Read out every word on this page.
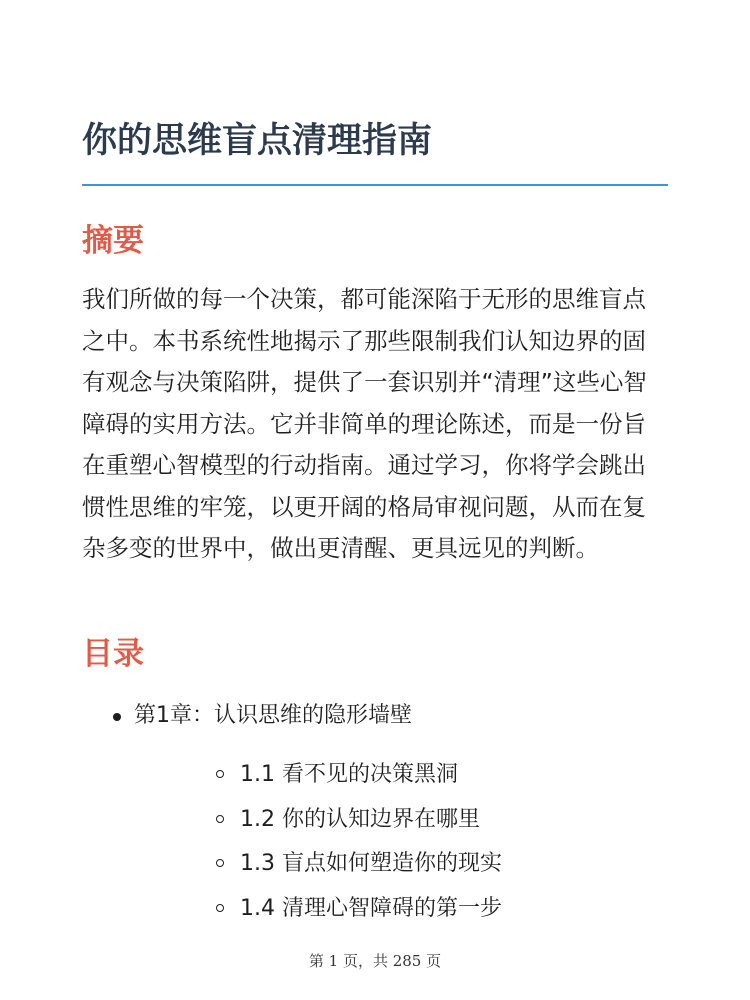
你的思维盲点清理指南
摘要

我们所做的每一个决策，都可能深陷于无形的思维盲点之中。本书系统性地揭示了那些限制我们认知边界的固有观念与决策陷阱，提供了一套识别并“清理”这些心智障碍的实用方法。它并非简单的理论陈述，而是一份旨在重塑心智模型的行动指南。通过学习，你将学会跳出惯性思维的牢笼，以更开阔的格局审视问题，从而在复杂多变的世界中，做出更清醒、更具远见的判断。

目录
第1章：认识思维的隐形墙壁
1.1 看不见的决策黑洞
1.2 你的认知边界在哪里
1.3 盲点如何塑造你的现实
1.4 清理心智障碍的第一步
第 1 页，共 285 页
